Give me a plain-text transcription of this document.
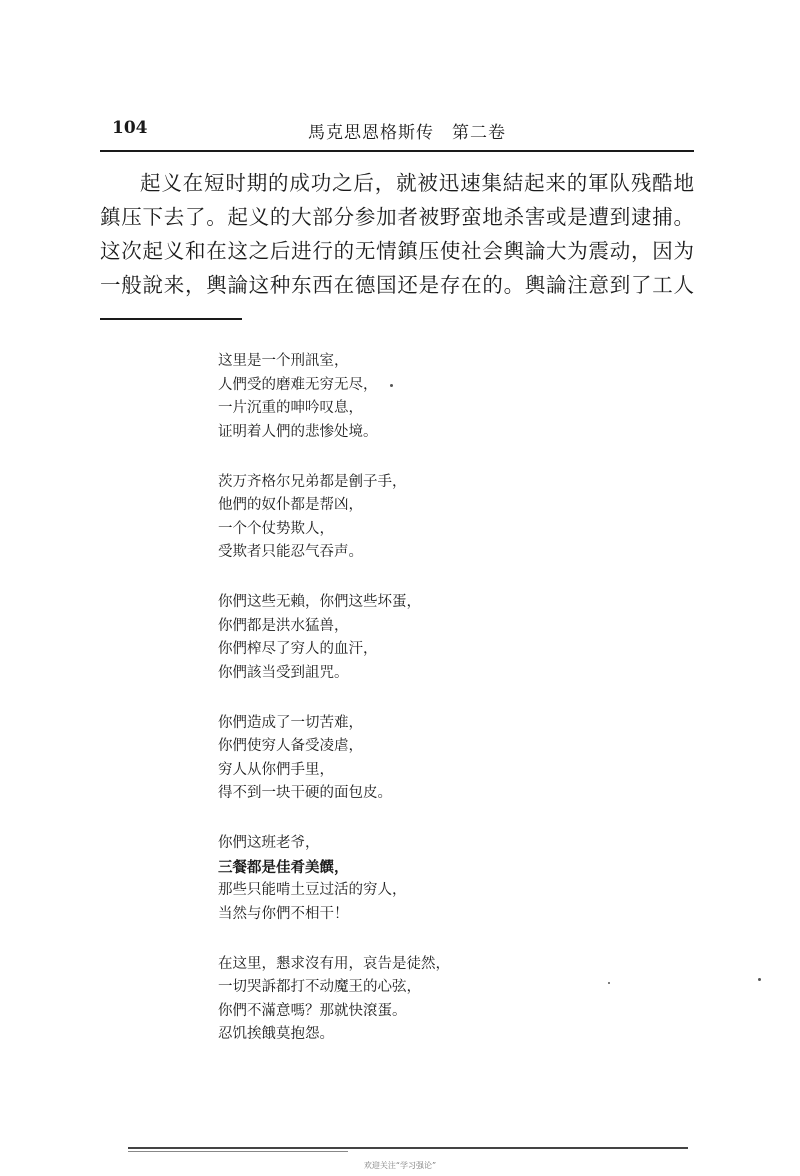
104	馬克思恩格斯传　第二卷
起义在短时期的成功之后，就被迅速集結起来的軍队残酷地
鎮压下去了。起义的大部分参加者被野蛮地杀害或是遭到逮捕。
这次起义和在这之后进行的无情鎮压使社会輿論大为震动，因为
一般說来，輿論这种东西在德国还是存在的。輿論注意到了工人
这里是一个刑訊室，
人們受的磨难无穷无尽，
一片沉重的呻吟叹息，
证明着人們的悲惨处境。
茨万齐格尔兄弟都是劊子手，
他們的奴仆都是帮凶，
一个个仗势欺人，
受欺者只能忍气吞声。
你們这些无賴，你們这些坏蛋，
你們都是洪水猛兽，
你們榨尽了穷人的血汗，
你們該当受到詛咒。
你們造成了一切苦难，
你們使穷人备受凌虐，
穷人从你們手里，
得不到一块干硬的面包皮。
你們这班老爷，
三餐都是佳肴美饌，
那些只能啃土豆过活的穷人，
当然与你們不相干！
在这里，懇求沒有用，哀告是徒然，
一切哭訴都打不动魔王的心弦，
你們不滿意嗎？那就快滾蛋。
忍饥挨餓莫抱怨。
欢迎关注“学习强论”
